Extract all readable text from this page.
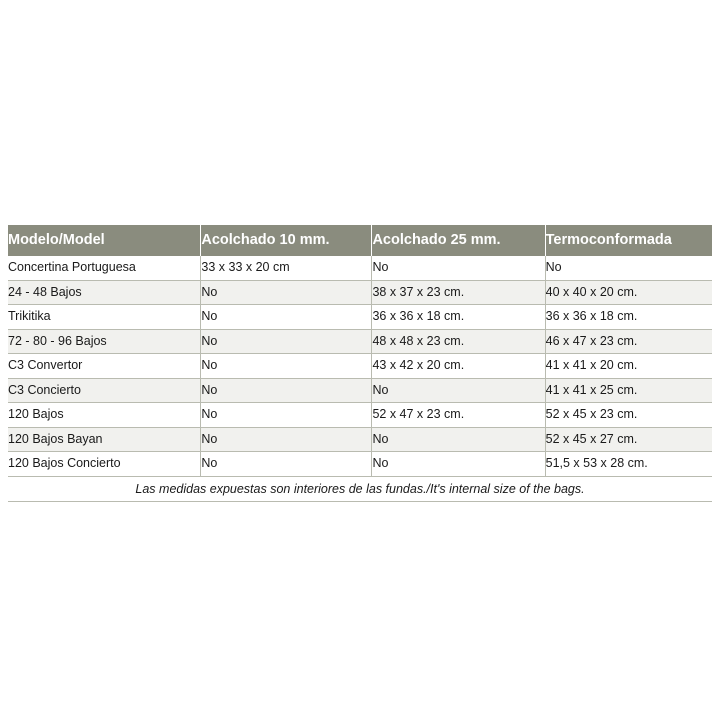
Modelo/Model	Acolchado 10 mm.	Acolchado 25 mm.	Termoconformada
Concertina Portuguesa	33 x 33 x 20 cm	No	No
24 - 48 Bajos	No	38 x 37 x 23 cm.	40 x 40 x 20 cm.
Trikitika	No	36 x 36 x 18 cm.	36 x 36 x 18 cm.
72 - 80 - 96 Bajos	No	48 x 48 x 23 cm.	46 x 47 x 23 cm.
C3 Convertor	No	43 x 42 x 20 cm.	41 x 41 x 20 cm.
C3 Concierto	No	No	41 x 41 x 25 cm.
120 Bajos	No	52 x 47 x 23 cm.	52 x 45 x 23 cm.
120 Bajos Bayan	No	No	52 x 45 x 27 cm.
120 Bajos Concierto	No	No	51,5 x 53 x 28 cm.
Las medidas expuestas son interiores de las fundas./It's internal size of the bags.			
